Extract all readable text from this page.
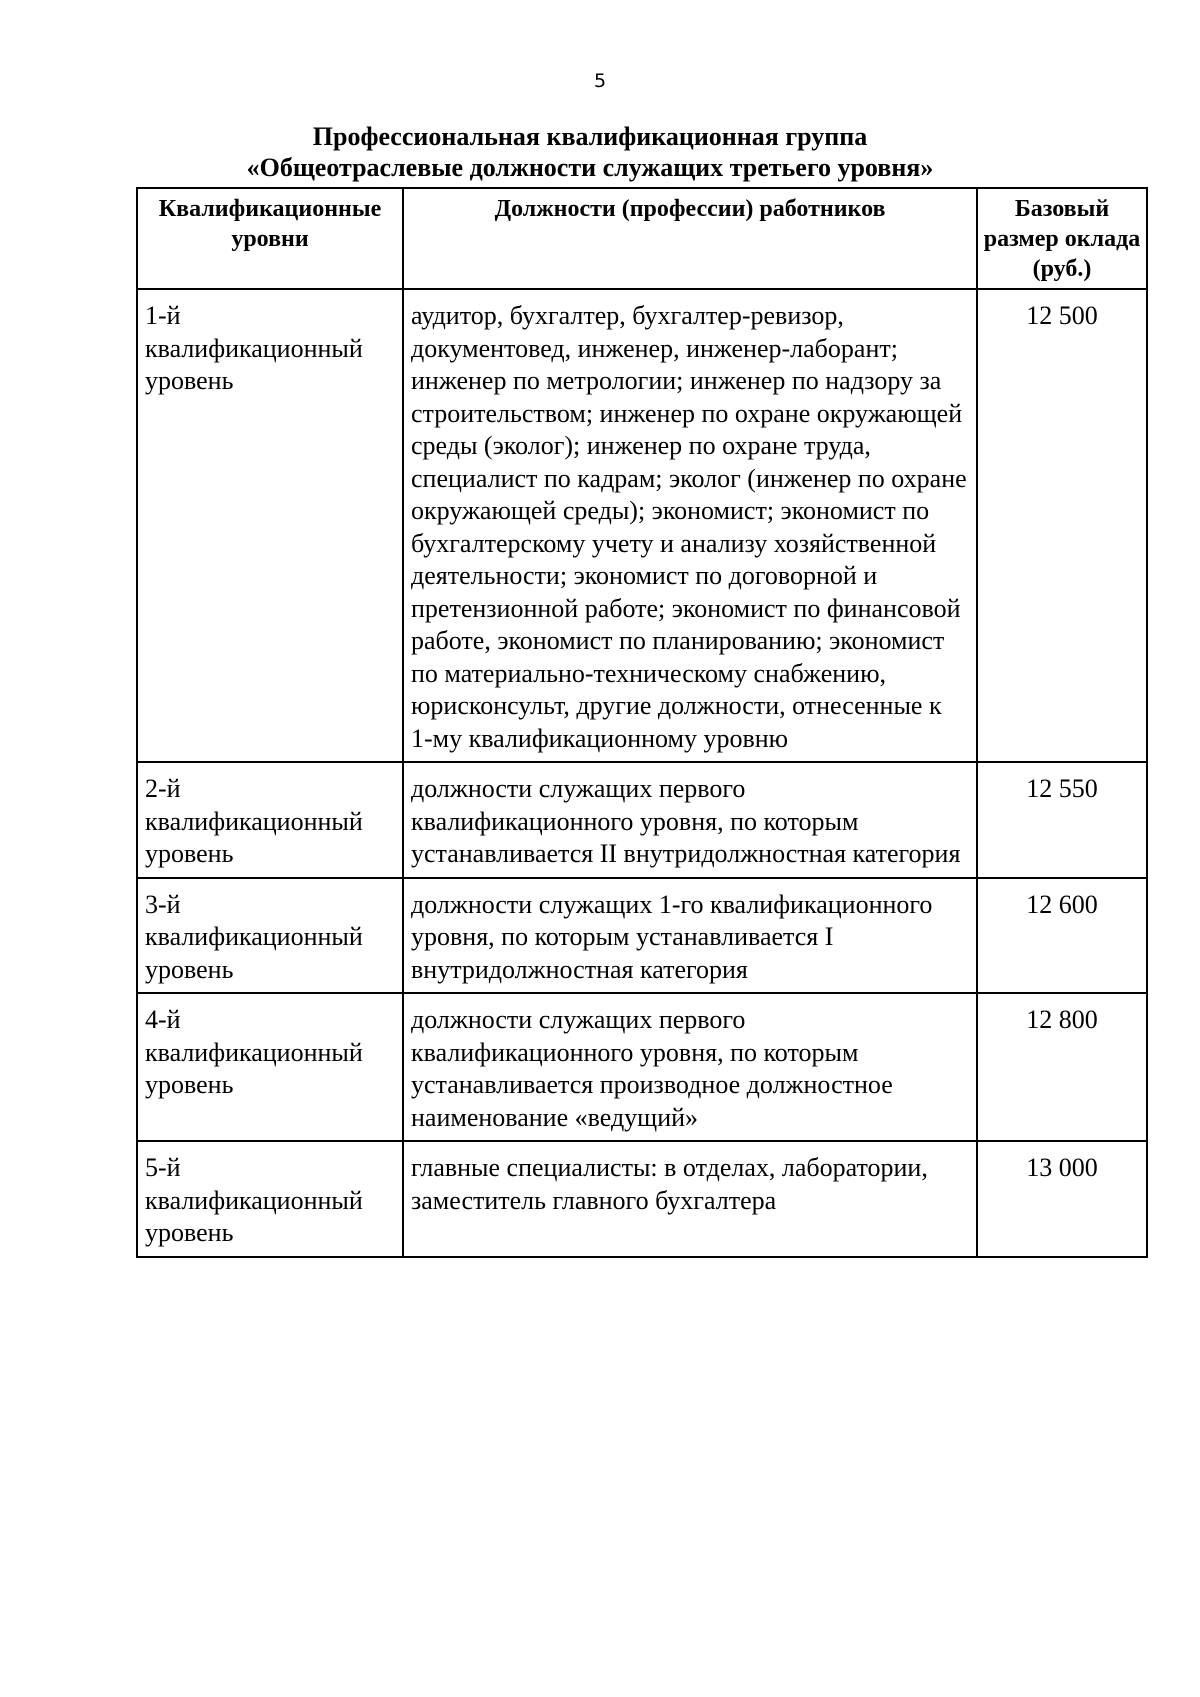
5
Профессиональная квалификационная группа
«Общеотраслевые должности служащих третьего уровня»
Квалификационные уровни	Должности (профессии) работников	Базовый размер оклада (руб.)
1-й квалификационный уровень	аудитор, бухгалтер, бухгалтер-ревизор, документовед, инженер, инженер-лаборант; инженер по метрологии; инженер по надзору за строительством; инженер по охране окружающей среды (эколог); инженер по охране труда, специалист по кадрам; эколог (инженер по охране окружающей среды); экономист; экономист по бухгалтерскому учету и анализу хозяйственной деятельности; экономист по договорной и претензионной работе; экономист по финансовой работе, экономист по планированию; экономист по материально-техническому снабжению, юрисконсульт, другие должности, отнесенные к 1-му квалификационному уровню	12 500
2-й квалификационный уровень	должности служащих первого квалификационного уровня, по которым устанавливается II внутридолжностная категория	12 550
3-й квалификационный уровень	должности служащих 1-го квалификационного уровня, по которым устанавливается I внутридолжностная категория	12 600
4-й квалификационный уровень	должности служащих первого квалификационного уровня, по которым устанавливается производное должностное наименование «ведущий»	12 800
5-й квалификационный уровень	главные специалисты: в отделах, лаборатории, заместитель главного бухгалтера	13 000
